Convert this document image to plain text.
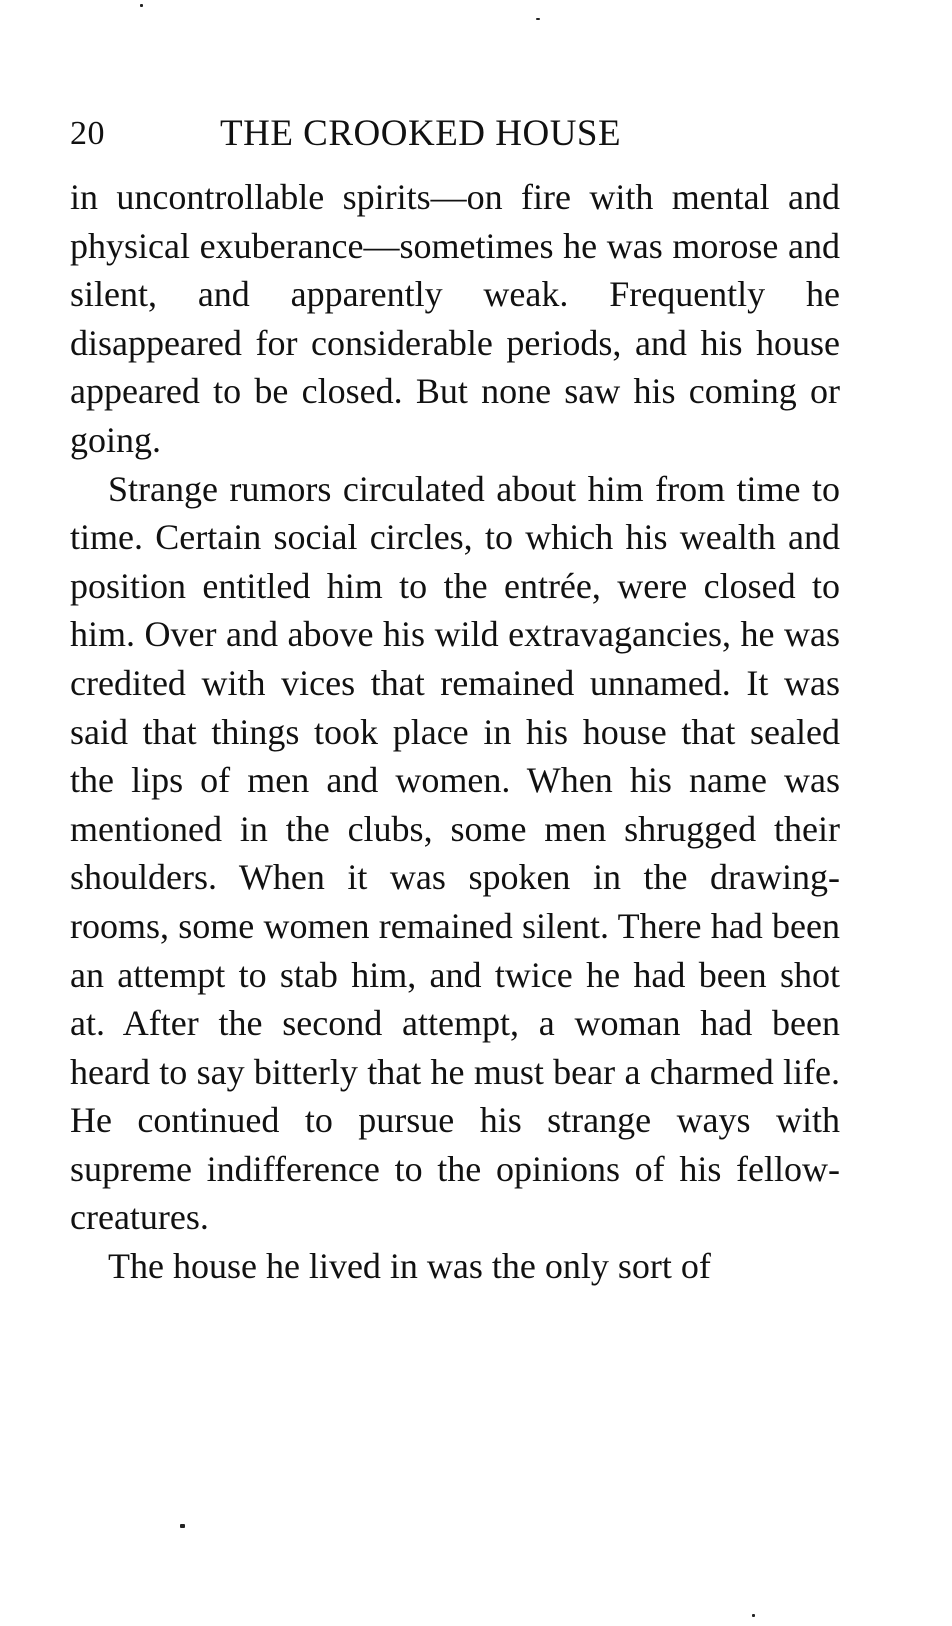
20	THE CROOKED HOUSE

in uncontrollable spirits—on fire with mental and physical exuberance—sometimes he was morose and silent, and apparently weak. Frequently he disappeared for considerable periods, and his house appeared to be closed. But none saw his coming or going.

Strange rumors circulated about him from time to time. Certain social circles, to which his wealth and position entitled him to the entrée, were closed to him. Over and above his wild extravagancies, he was credited with vices that remained unnamed. It was said that things took place in his house that sealed the lips of men and women. When his name was mentioned in the clubs, some men shrugged their shoulders. When it was spoken in the drawing-rooms, some women remained silent. There had been an attempt to stab him, and twice he had been shot at. After the second attempt, a woman had been heard to say bitterly that he must bear a charmed life. He continued to pursue his strange ways with supreme indifference to the opinions of his fellow-creatures.

The house he lived in was the only sort of
